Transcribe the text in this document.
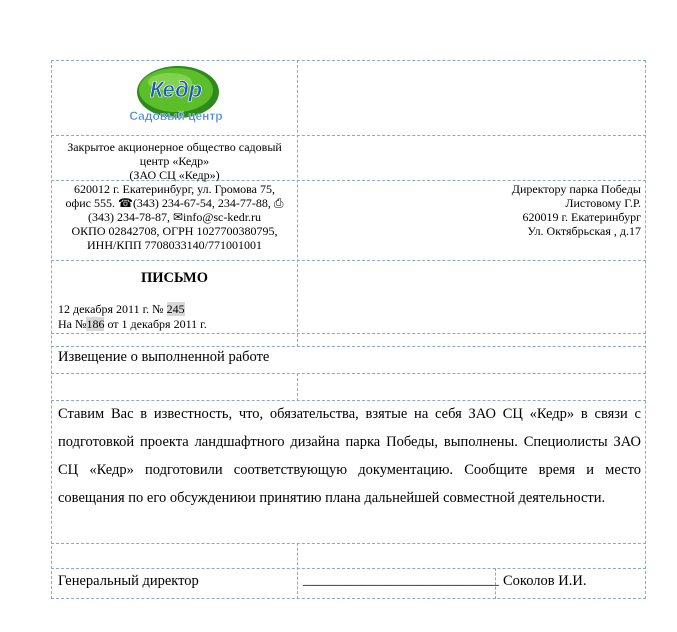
Кедр
Садовый центр
Закрытое акционерное общество садовый
центр «Кедр»
(ЗАО СЦ «Кедр»)
620012 г. Екатеринбург, ул. Громова 75,
офис 555. ☎(343) 234-67-54, 234-77-88, ⎙
(343) 234-78-87, ✉info@sc-kedr.ru
ОКПО 02842708, ОГРН 1027700380795,
ИНН/КПП 7708033140/771001001
Директору парка Победы
Листовому Г.Р.
620019 г. Екатеринбург
Ул. Октябрьская , д.17
ПИСЬМО
12 декабря 2011 г. № 245
На №186 от 1 декабря 2011 г.
Извещение о выполненной работе
Ставим Вас в известность, что, обязательства, взятые на себя ЗАО СЦ «Кедр» в связи с подготовкой проекта ландшафтного дизайна парка Победы, выполнены. Специолисты ЗАО СЦ «Кедр» подготовили соответствующую документацию. Сообщите время и место совещания по его обсуждениюи принятию плана дальнейшей совместной деятельности.
Генеральный директор	___________________________ Соколов И.И.
